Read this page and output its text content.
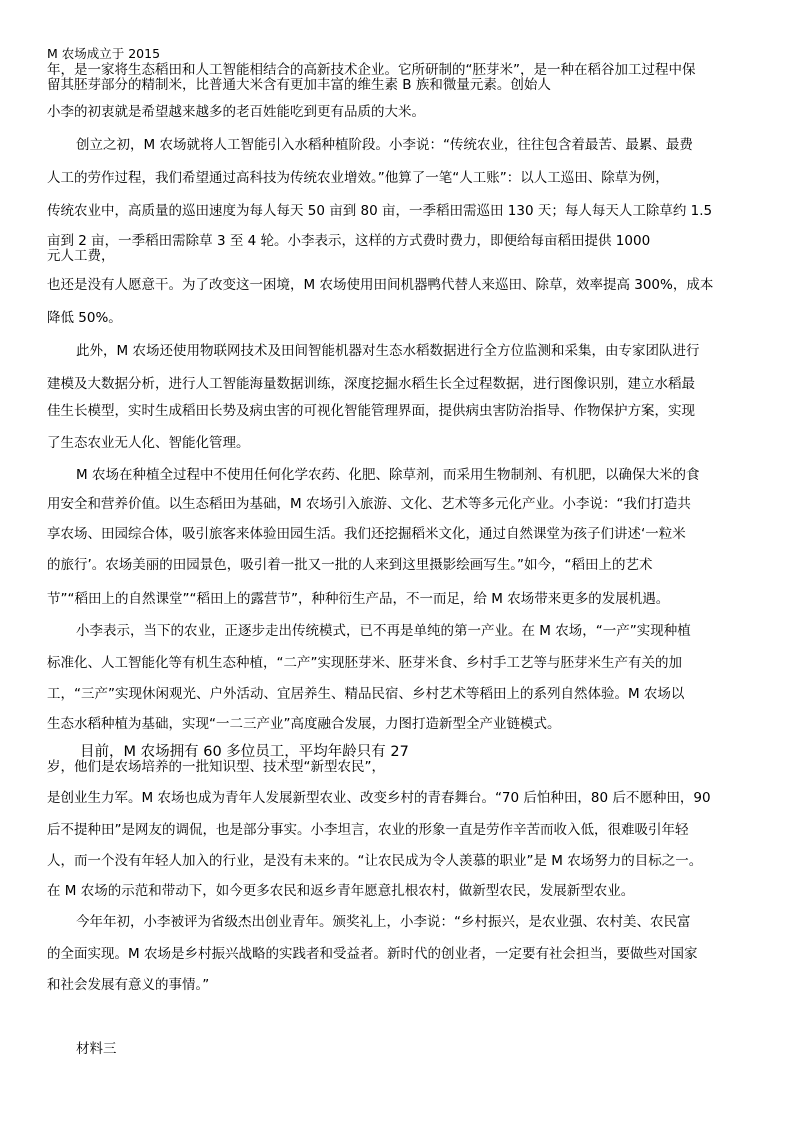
M 农场成立于 2015

年，是一家将生态稻田和人工智能相结合的高新技术企业。它所研制的“胚芽米”，是一种在稻谷加工过程中保

留其胚芽部分的精制米，比普通大米含有更加丰富的维生素 B 族和微量元素。创始人

小李的初衷就是希望越来越多的老百姓能吃到更有品质的大米。

创立之初，M 农场就将人工智能引入水稻种植阶段。小李说：“传统农业，往往包含着最苦、最累、最费

人工的劳作过程，我们希望通过高科技为传统农业增效。”他算了一笔“人工账”：以人工巡田、除草为例，

传统农业中，高质量的巡田速度为每人每天 50 亩到 80 亩，一季稻田需巡田 130 天；每人每天人工除草约 1.5

亩到 2 亩，一季稻田需除草 3 至 4 轮。小李表示，这样的方式费时费力，即便给每亩稻田提供 1000

元人工费，

也还是没有人愿意干。为了改变这一困境，M 农场使用田间机器鸭代替人来巡田、除草，效率提高 300%，成本

降低 50%。

此外，M 农场还使用物联网技术及田间智能机器对生态水稻数据进行全方位监测和采集，由专家团队进行

建模及大数据分析，进行人工智能海量数据训练，深度挖掘水稻生长全过程数据，进行图像识别，建立水稻最

佳生长模型，实时生成稻田长势及病虫害的可视化智能管理界面，提供病虫害防治指导、作物保护方案，实现

了生态农业无人化、智能化管理。

M 农场在种植全过程中不使用任何化学农药、化肥、除草剂，而采用生物制剂、有机肥，以确保大米的食

用安全和营养价值。以生态稻田为基础，M 农场引入旅游、文化、艺术等多元化产业。小李说：“我们打造共

享农场、田园综合体，吸引旅客来体验田园生活。我们还挖掘稻米文化，通过自然课堂为孩子们讲述‘一粒米

的旅行’。农场美丽的田园景色，吸引着一批又一批的人来到这里摄影绘画写生。”如今，“稻田上的艺术

节”“稻田上的自然课堂”“稻田上的露营节”，种种衍生产品，不一而足，给 M 农场带来更多的发展机遇。

小李表示，当下的农业，正逐步走出传统模式，已不再是单纯的第一产业。在 M 农场，“一产”实现种植

标准化、人工智能化等有机生态种植，“二产”实现胚芽米、胚芽米食、乡村手工艺等与胚芽米生产有关的加

工，“三产”实现休闲观光、户外活动、宜居养生、精品民宿、乡村艺术等稻田上的系列自然体验。M 农场以

生态水稻种植为基础，实现“一二三产业”高度融合发展，力图打造新型全产业链模式。

目前，M 农场拥有 60 多位员工，平均年龄只有 27

岁，他们是农场培养的一批知识型、技术型“新型农民”，

是创业生力军。M 农场也成为青年人发展新型农业、改变乡村的青春舞台。“70 后怕种田，80 后不愿种田，90

后不提种田”是网友的调侃，也是部分事实。小李坦言，农业的形象一直是劳作辛苦而收入低，很难吸引年轻

人，而一个没有年轻人加入的行业，是没有未来的。“让农民成为令人羡慕的职业”是 M 农场努力的目标之一。

在 M 农场的示范和带动下，如今更多农民和返乡青年愿意扎根农村，做新型农民，发展新型农业。

今年年初，小李被评为省级杰出创业青年。颁奖礼上，小李说：“乡村振兴，是农业强、农村美、农民富

的全面实现。M 农场是乡村振兴战略的实践者和受益者。新时代的创业者，一定要有社会担当，要做些对国家

和社会发展有意义的事情。”

材料三
